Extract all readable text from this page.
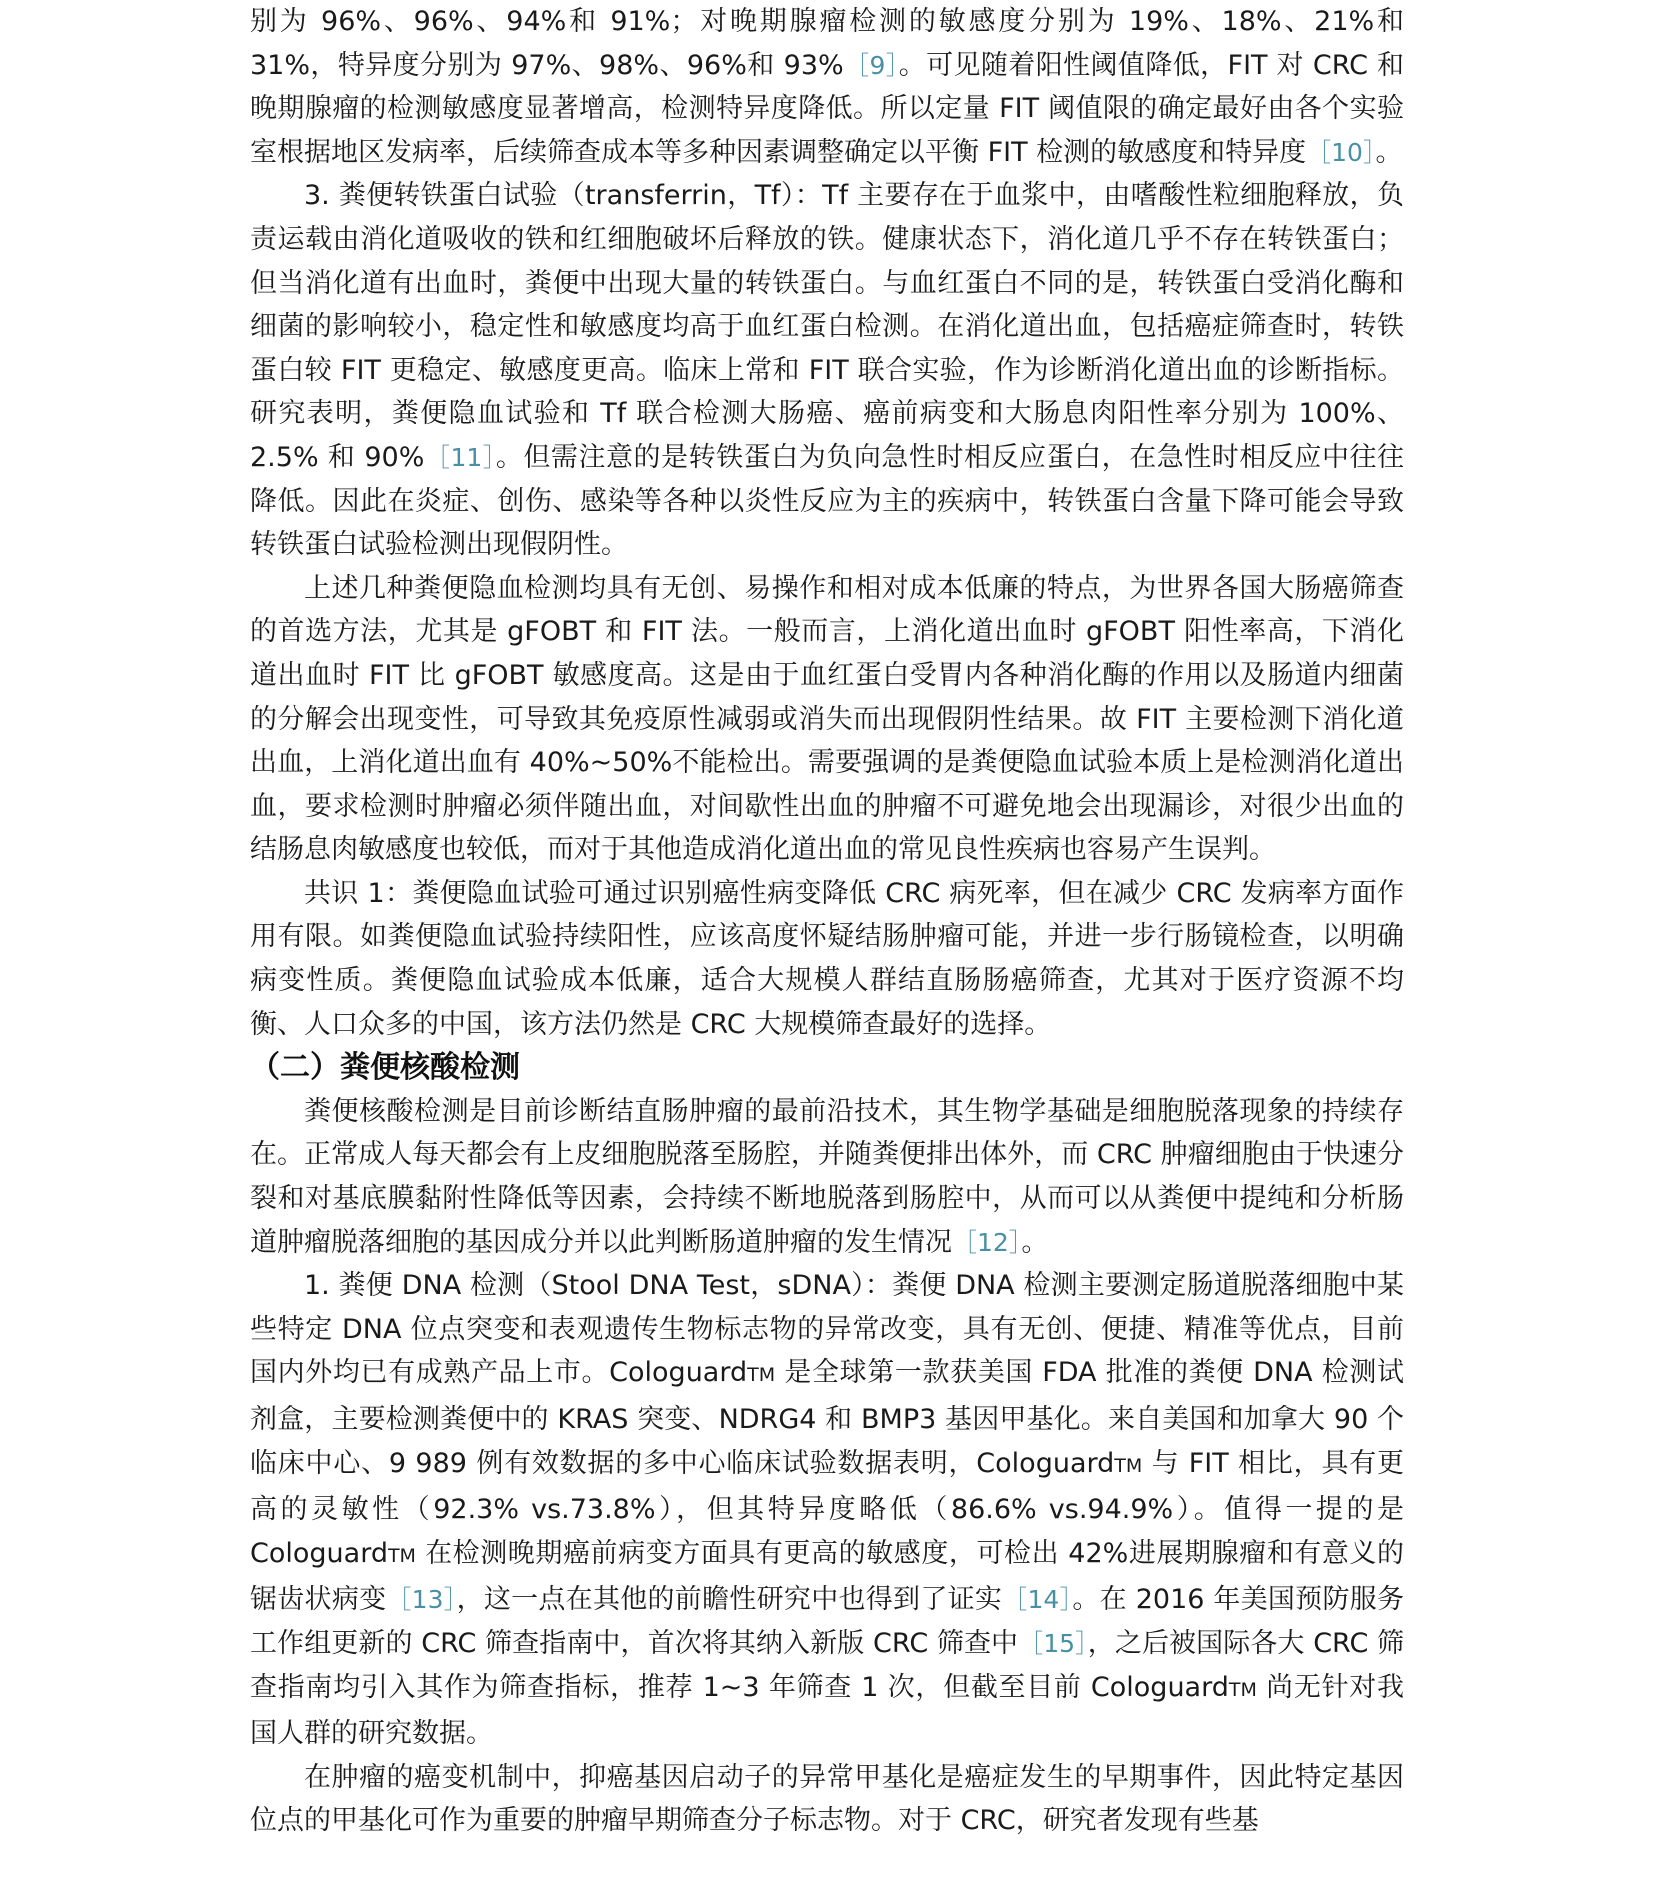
别为 96%、96%、94%和 91%；对晚期腺瘤检测的敏感度分别为 19%、18%、21%和 31%，特异度分别为 97%、98%、96%和 93%［9］。可见随着阳性阈值降低，FIT 对 CRC 和晚期腺瘤的检测敏感度显著增高，检测特异度降低。所以定量 FIT 阈值限的确定最好由各个实验室根据地区发病率，后续筛查成本等多种因素调整确定以平衡 FIT 检测的敏感度和特异度［10］。

3. 粪便转铁蛋白试验（transferrin，Tf）：Tf 主要存在于血浆中，由嗜酸性粒细胞释放，负责运载由消化道吸收的铁和红细胞破坏后释放的铁。健康状态下，消化道几乎不存在转铁蛋白；但当消化道有出血时，粪便中出现大量的转铁蛋白。与血红蛋白不同的是，转铁蛋白受消化酶和细菌的影响较小，稳定性和敏感度均高于血红蛋白检测。在消化道出血，包括癌症筛查时，转铁蛋白较 FIT 更稳定、敏感度更高。临床上常和 FIT 联合实验，作为诊断消化道出血的诊断指标。研究表明，粪便隐血试验和 Tf 联合检测大肠癌、癌前病变和大肠息肉阳性率分别为 100%、2.5% 和 90%［11］。但需注意的是转铁蛋白为负向急性时相反应蛋白，在急性时相反应中往往降低。因此在炎症、创伤、感染等各种以炎性反应为主的疾病中，转铁蛋白含量下降可能会导致转铁蛋白试验检测出现假阴性。

上述几种粪便隐血检测均具有无创、易操作和相对成本低廉的特点，为世界各国大肠癌筛查的首选方法，尤其是 gFOBT 和 FIT 法。一般而言，上消化道出血时 gFOBT 阳性率高，下消化道出血时 FIT 比 gFOBT 敏感度高。这是由于血红蛋白受胃内各种消化酶的作用以及肠道内细菌的分解会出现变性，可导致其免疫原性减弱或消失而出现假阴性结果。故 FIT 主要检测下消化道出血，上消化道出血有 40%~50%不能检出。需要强调的是粪便隐血试验本质上是检测消化道出血，要求检测时肿瘤必须伴随出血，对间歇性出血的肿瘤不可避免地会出现漏诊，对很少出血的结肠息肉敏感度也较低，而对于其他造成消化道出血的常见良性疾病也容易产生误判。

共识 1：粪便隐血试验可通过识别癌性病变降低 CRC 病死率，但在减少 CRC 发病率方面作用有限。如粪便隐血试验持续阳性，应该高度怀疑结肠肿瘤可能，并进一步行肠镜检查，以明确病变性质。粪便隐血试验成本低廉，适合大规模人群结直肠肠癌筛查，尤其对于医疗资源不均衡、人口众多的中国，该方法仍然是 CRC 大规模筛查最好的选择。

（二）粪便核酸检测

粪便核酸检测是目前诊断结直肠肿瘤的最前沿技术，其生物学基础是细胞脱落现象的持续存在。正常成人每天都会有上皮细胞脱落至肠腔，并随粪便排出体外，而 CRC 肿瘤细胞由于快速分裂和对基底膜黏附性降低等因素，会持续不断地脱落到肠腔中，从而可以从粪便中提纯和分析肠道肿瘤脱落细胞的基因成分并以此判断肠道肿瘤的发生情况［12］。

1. 粪便 DNA 检测（Stool DNA Test，sDNA）：粪便 DNA 检测主要测定肠道脱落细胞中某些特定 DNA 位点突变和表观遗传生物标志物的异常改变，具有无创、便捷、精准等优点，目前国内外均已有成熟产品上市。CologuardTM 是全球第一款获美国 FDA 批准的粪便 DNA 检测试剂盒，主要检测粪便中的 KRAS 突变、NDRG4 和 BMP3 基因甲基化。来自美国和加拿大 90 个临床中心、9 989 例有效数据的多中心临床试验数据表明，CologuardTM 与 FIT 相比，具有更高的灵敏性（92.3% vs.73.8%），但其特异度略低（86.6% vs.94.9%）。值得一提的是 CologuardTM 在检测晚期癌前病变方面具有更高的敏感度，可检出 42%进展期腺瘤和有意义的锯齿状病变［13］，这一点在其他的前瞻性研究中也得到了证实［14］。在 2016 年美国预防服务工作组更新的 CRC 筛查指南中，首次将其纳入新版 CRC 筛查中［15］，之后被国际各大 CRC 筛查指南均引入其作为筛查指标，推荐 1~3 年筛查 1 次，但截至目前 CologuardTM 尚无针对我国人群的研究数据。

在肿瘤的癌变机制中，抑癌基因启动子的异常甲基化是癌症发生的早期事件，因此特定基因位点的甲基化可作为重要的肿瘤早期筛查分子标志物。对于 CRC，研究者发现有些基
